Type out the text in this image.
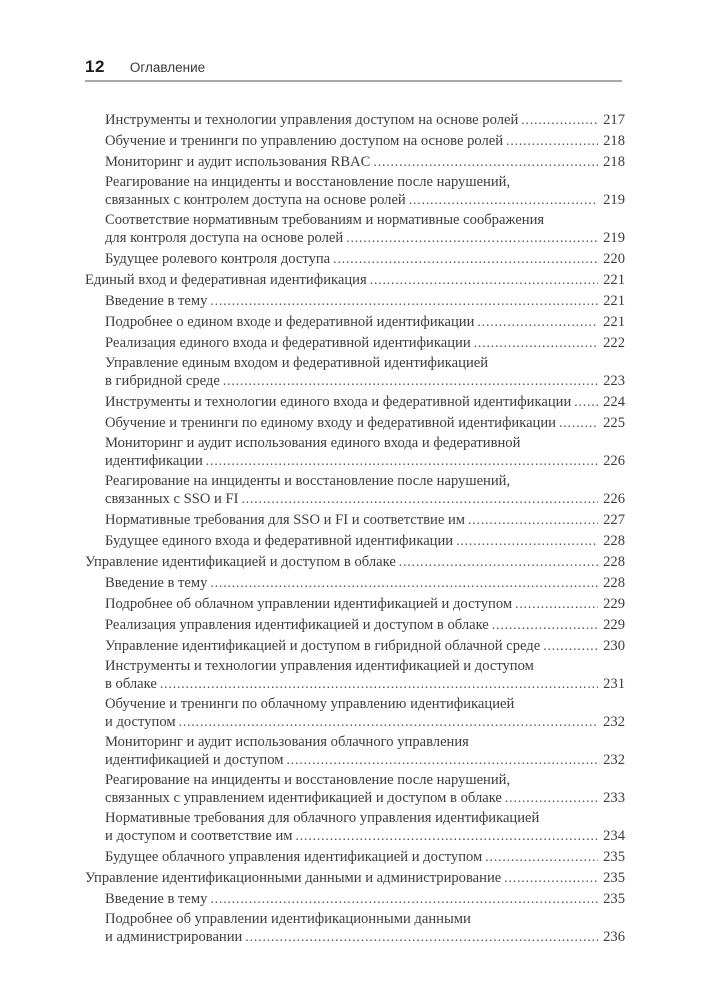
12 Оглавление
Инструменты и технологии управления доступом на основе ролей .....	217
Обучение и тренинги по управлению доступом на основе ролей .....	218
Мониторинг и аудит использования RBAC .....	218
Реагирование на инциденты и восстановление после нарушений,
связанных с контролем доступа на основе ролей .....	219
Соответствие нормативным требованиям и нормативные соображения
для контроля доступа на основе ролей .....	219
Будущее ролевого контроля доступа .....	220
Единый вход и федеративная идентификация .....	221
Введение в тему .....	221
Подробнее о едином входе и федеративной идентификации .....	221
Реализация единого входа и федеративной идентификации .....	222
Управление единым входом и федеративной идентификацией
в гибридной среде .....	223
Инструменты и технологии единого входа и федеративной идентификации .....	224
Обучение и тренинги по единому входу и федеративной идентификации .....	225
Мониторинг и аудит использования единого входа и федеративной
идентификации .....	226
Реагирование на инциденты и восстановление после нарушений,
связанных с SSO и FI .....	226
Нормативные требования для SSO и FI и соответствие им .....	227
Будущее единого входа и федеративной идентификации .....	228
Управление идентификацией и доступом в облаке .....	228
Введение в тему .....	228
Подробнее об облачном управлении идентификацией и доступом .....	229
Реализация управления идентификацией и доступом в облаке .....	229
Управление идентификацией и доступом в гибридной облачной среде .....	230
Инструменты и технологии управления идентификацией и доступом
в облаке .....	231
Обучение и тренинги по облачному управлению идентификацией
и доступом .....	232
Мониторинг и аудит использования облачного управления
идентификацией и доступом .....	232
Реагирование на инциденты и восстановление после нарушений,
связанных с управлением идентификацией и доступом в облаке .....	233
Нормативные требования для облачного управления идентификацией
и доступом и соответствие им .....	234
Будущее облачного управления идентификацией и доступом .....	235
Управление идентификационными данными и администрирование .....	235
Введение в тему .....	235
Подробнее об управлении идентификационными данными
и администрировании .....	236
